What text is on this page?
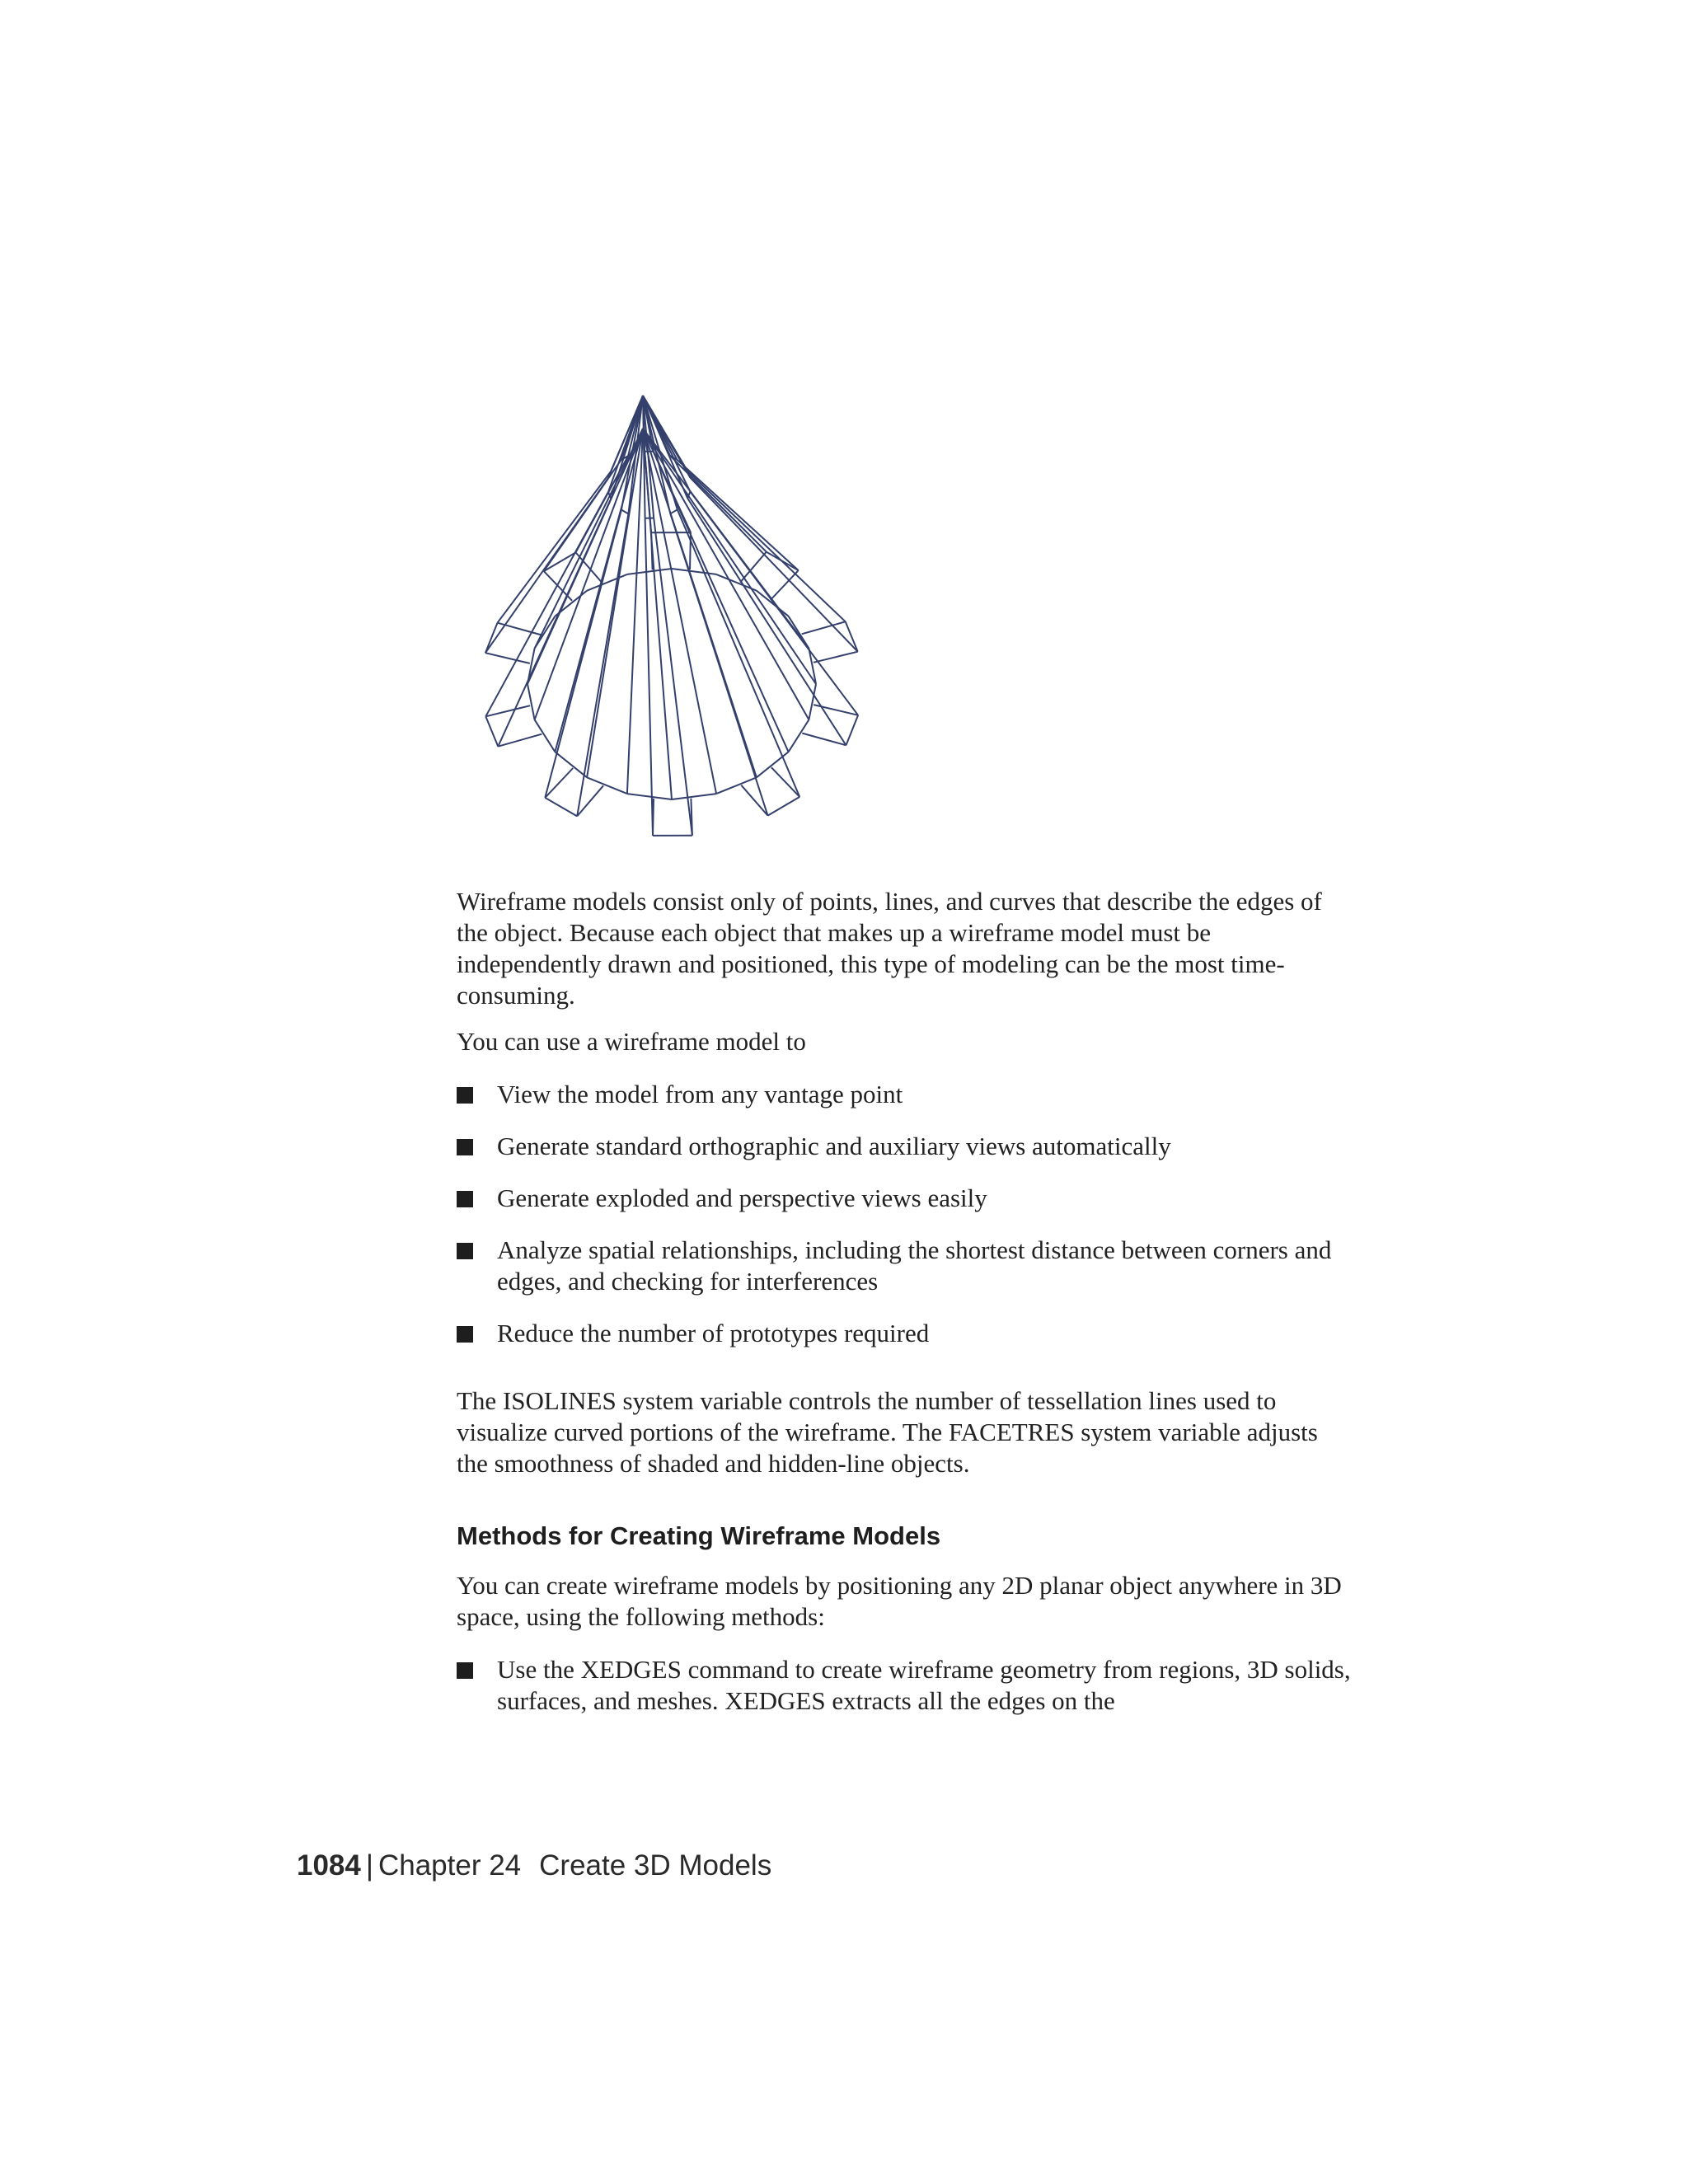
Wireframe models consist only of points, lines, and curves that describe the edges of the object. Because each object that makes up a wireframe model must be independently drawn and positioned, this type of modeling can be the most time-consuming.

You can use a wireframe model to

View the model from any vantage point
Generate standard orthographic and auxiliary views automatically
Generate exploded and perspective views easily
Analyze spatial relationships, including the shortest distance between corners and edges, and checking for interferences
Reduce the number of prototypes required

The ISOLINES system variable controls the number of tessellation lines used to visualize curved portions of the wireframe. The FACETRES system variable adjusts the smoothness of shaded and hidden-line objects.

Methods for Creating Wireframe Models

You can create wireframe models by positioning any 2D planar object anywhere in 3D space, using the following methods:

Use the XEDGES command to create wireframe geometry from regions, 3D solids, surfaces, and meshes. XEDGES extracts all the edges on the
1084 | Chapter 24 Create 3D Models
